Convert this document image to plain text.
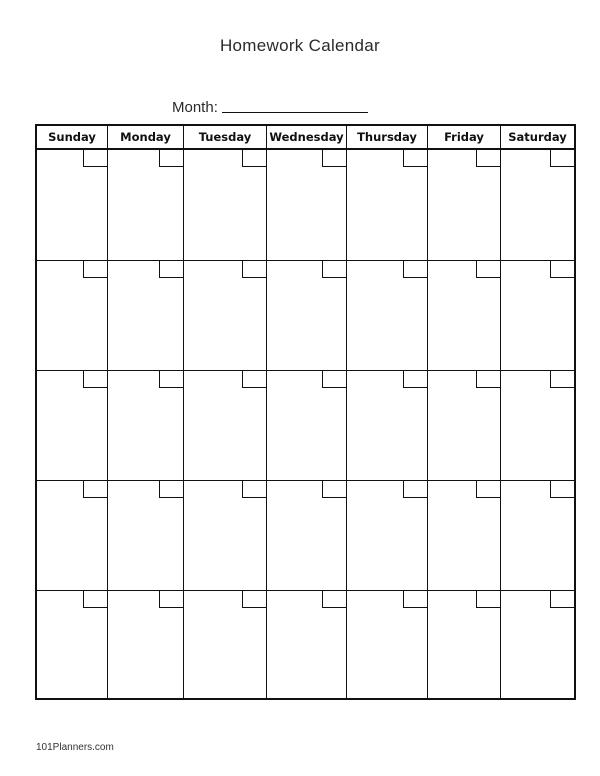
Homework Calendar
Month:
Sunday	Monday	Tuesday	Wednesday	Thursday	Friday	Saturday
101Planners.com
